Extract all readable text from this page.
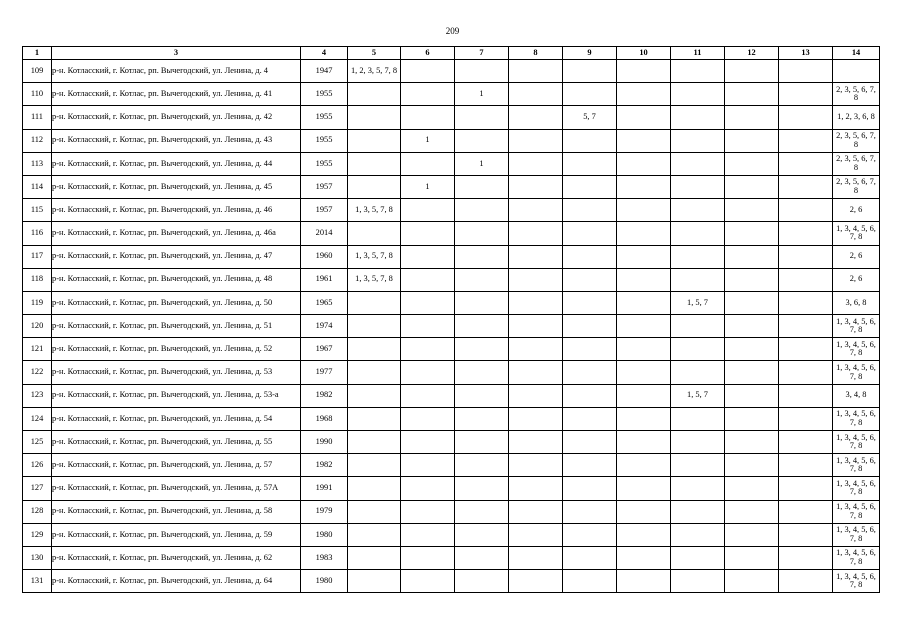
209
1	3	4	5	6	7	8	9	10	11	12	13	14
109	р-н. Котласский, г. Котлас, рп. Вычегодский, ул. Ленина, д. 4	1947	1, 2, 3, 5, 7, 8									
110	р-н. Котласский, г. Котлас, рп. Вычегодский, ул. Ленина, д. 41	1955			1							2, 3, 5, 6, 7, 8
111	р-н. Котласский, г. Котлас, рп. Вычегодский, ул. Ленина, д. 42	1955					5, 7					1, 2, 3, 6, 8
112	р-н. Котласский, г. Котлас, рп. Вычегодский, ул. Ленина, д. 43	1955		1								2, 3, 5, 6, 7, 8
113	р-н. Котласский, г. Котлас, рп. Вычегодский, ул. Ленина, д. 44	1955			1							2, 3, 5, 6, 7, 8
114	р-н. Котласский, г. Котлас, рп. Вычегодский, ул. Ленина, д. 45	1957		1								2, 3, 5, 6, 7, 8
115	р-н. Котласский, г. Котлас, рп. Вычегодский, ул. Ленина, д. 46	1957	1, 3, 5, 7, 8									2, 6
116	р-н. Котласский, г. Котлас, рп. Вычегодский, ул. Ленина, д. 46а	2014										1, 3, 4, 5, 6, 7, 8
117	р-н. Котласский, г. Котлас, рп. Вычегодский, ул. Ленина, д. 47	1960	1, 3, 5, 7, 8									2, 6
118	р-н. Котласский, г. Котлас, рп. Вычегодский, ул. Ленина, д. 48	1961	1, 3, 5, 7, 8									2, 6
119	р-н. Котласский, г. Котлас, рп. Вычегодский, ул. Ленина, д. 50	1965							1, 5, 7			3, 6, 8
120	р-н. Котласский, г. Котлас, рп. Вычегодский, ул. Ленина, д. 51	1974										1, 3, 4, 5, 6, 7, 8
121	р-н. Котласский, г. Котлас, рп. Вычегодский, ул. Ленина, д. 52	1967										1, 3, 4, 5, 6, 7, 8
122	р-н. Котласский, г. Котлас, рп. Вычегодский, ул. Ленина, д. 53	1977										1, 3, 4, 5, 6, 7, 8
123	р-н. Котласский, г. Котлас, рп. Вычегодский, ул. Ленина, д. 53-а	1982							1, 5, 7			3, 4, 8
124	р-н. Котласский, г. Котлас, рп. Вычегодский, ул. Ленина, д. 54	1968										1, 3, 4, 5, 6, 7, 8
125	р-н. Котласский, г. Котлас, рп. Вычегодский, ул. Ленина, д. 55	1990										1, 3, 4, 5, 6, 7, 8
126	р-н. Котласский, г. Котлас, рп. Вычегодский, ул. Ленина, д. 57	1982										1, 3, 4, 5, 6, 7, 8
127	р-н. Котласский, г. Котлас, рп. Вычегодский, ул. Ленина, д. 57А	1991										1, 3, 4, 5, 6, 7, 8
128	р-н. Котласский, г. Котлас, рп. Вычегодский, ул. Ленина, д. 58	1979										1, 3, 4, 5, 6, 7, 8
129	р-н. Котласский, г. Котлас, рп. Вычегодский, ул. Ленина, д. 59	1980										1, 3, 4, 5, 6, 7, 8
130	р-н. Котласский, г. Котлас, рп. Вычегодский, ул. Ленина, д. 62	1983										1, 3, 4, 5, 6, 7, 8
131	р-н. Котласский, г. Котлас, рп. Вычегодский, ул. Ленина, д. 64	1980										1, 3, 4, 5, 6, 7, 8
